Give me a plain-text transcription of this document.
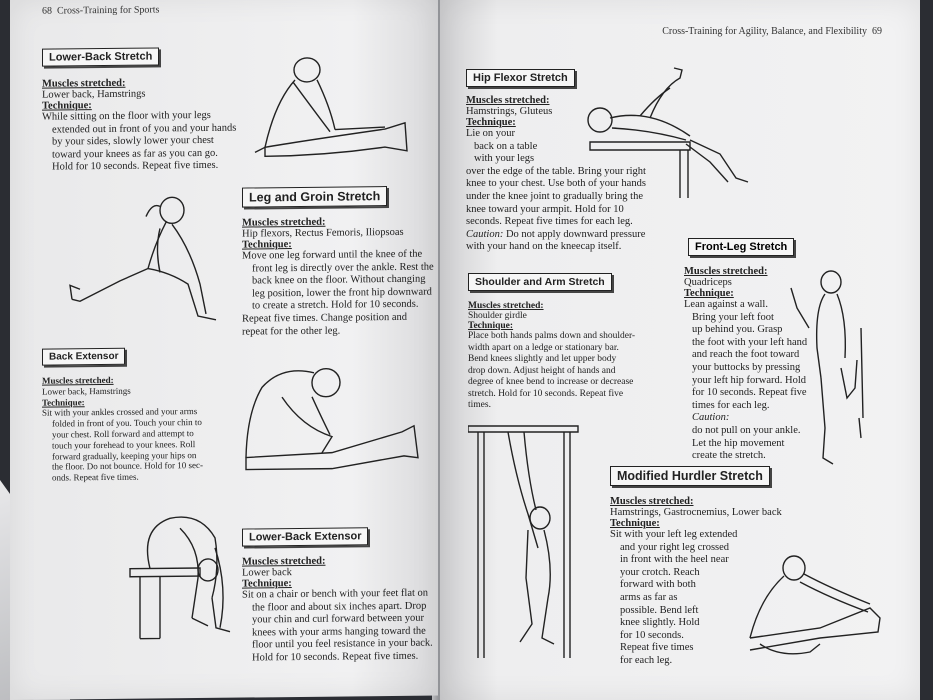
68 Cross-Training for Sports
Lower-Back Stretch
Muscles stretched:
Lower back, Hamstrings
Technique:
While sitting on the floor with your legs
extended out in front of you and your hands
by your sides, slowly lower your chest
toward your knees as far as you can go.
Hold for 10 seconds. Repeat five times.
Leg and Groin Stretch
Muscles stretched:
Hip flexors, Rectus Femoris, Iliopsoas
Technique:
Move one leg forward until the knee of the
front leg is directly over the ankle. Rest the
back knee on the floor. Without changing
leg position, lower the front hip downward
to create a stretch. Hold for 10 seconds.
Repeat five times. Change position and
repeat for the other leg.
Back Extensor
Muscles stretched:
Lower back, Hamstrings
Technique:
Sit with your ankles crossed and your arms
folded in front of you. Touch your chin to
your chest. Roll forward and attempt to
touch your forehead to your knees. Roll
forward gradually, keeping your hips on
the floor. Do not bounce. Hold for 10 sec-
onds. Repeat five times.
Lower-Back Extensor
Muscles stretched:
Lower back
Technique:
Sit on a chair or bench with your feet flat on
the floor and about six inches apart. Drop
your chin and curl forward between your
knees with your arms hanging toward the
floor until you feel resistance in your back.
Hold for 10 seconds. Repeat five times.
Cross-Training for Agility, Balance, and Flexibility 69
Hip Flexor Stretch
Muscles stretched:
Hamstrings, Gluteus
Technique:
Lie on your
back on a table
with your legs
over the edge of the table. Bring your right
knee to your chest. Use both of your hands
under the knee joint to gradually bring the
knee toward your armpit. Hold for 10
seconds. Repeat five times for each leg.
Caution: Do not apply downward pressure
with your hand on the kneecap itself.	Front-Leg Stretch
Muscles stretched:
Quadriceps
Technique:
Lean against a wall.
Bring your left foot
up behind you. Grasp
the foot with your left hand
and reach the foot toward
your buttocks by pressing
your left hip forward. Hold
for 10 seconds. Repeat five
times for each leg.
Caution:
do not pull on your ankle.
Let the hip movement
create the stretch.
Shoulder and Arm Stretch
Muscles stretched:
Shoulder girdle
Technique:
Place both hands palms down and shoulder-
width apart on a ledge or stationary bar.
Bend knees slightly and let upper body
drop down. Adjust height of hands and
degree of knee bend to increase or decrease
stretch. Hold for 10 seconds. Repeat five
times.
Modified Hurdler Stretch
Muscles stretched:
Hamstrings, Gastrocnemius, Lower back
Technique:
Sit with your left leg extended
and your right leg crossed
in front with the heel near
your crotch. Reach
forward with both
arms as far as
possible. Bend left
knee slightly. Hold
for 10 seconds.
Repeat five times
for each leg.
